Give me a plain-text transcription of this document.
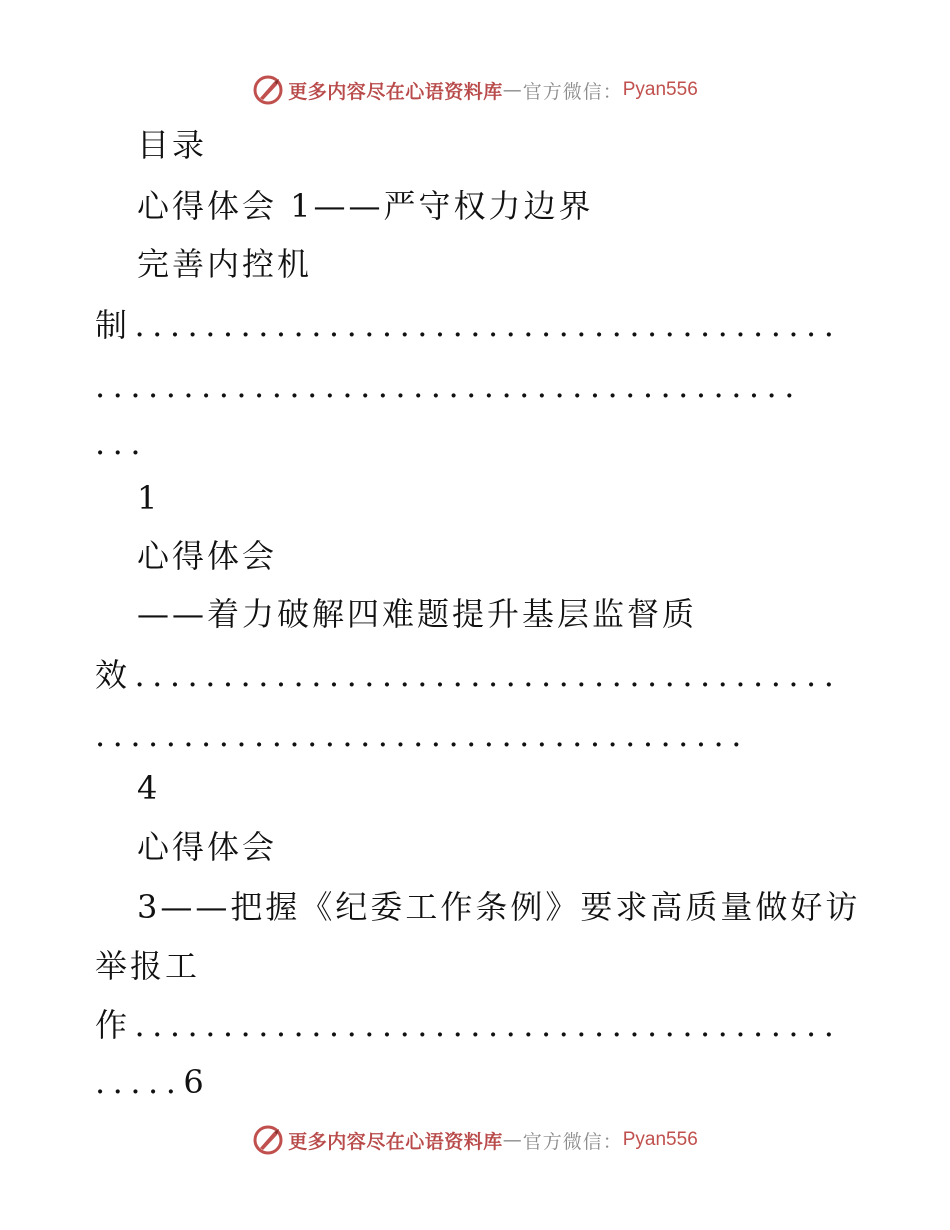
更多内容尽在心语资料库 — 官方微信： Pyan556
目录
心得体会 1——严守权力边界
完善内控机
制........................................
........................................
...
1
心得体会
——着力破解四难题提升基层监督质
效........................................
.....................................
4
心得体会
3——把握《纪委工作条例》要求高质量做好访
举报工
作........................................
.....6
更多内容尽在心语资料库 — 官方微信： Pyan556
